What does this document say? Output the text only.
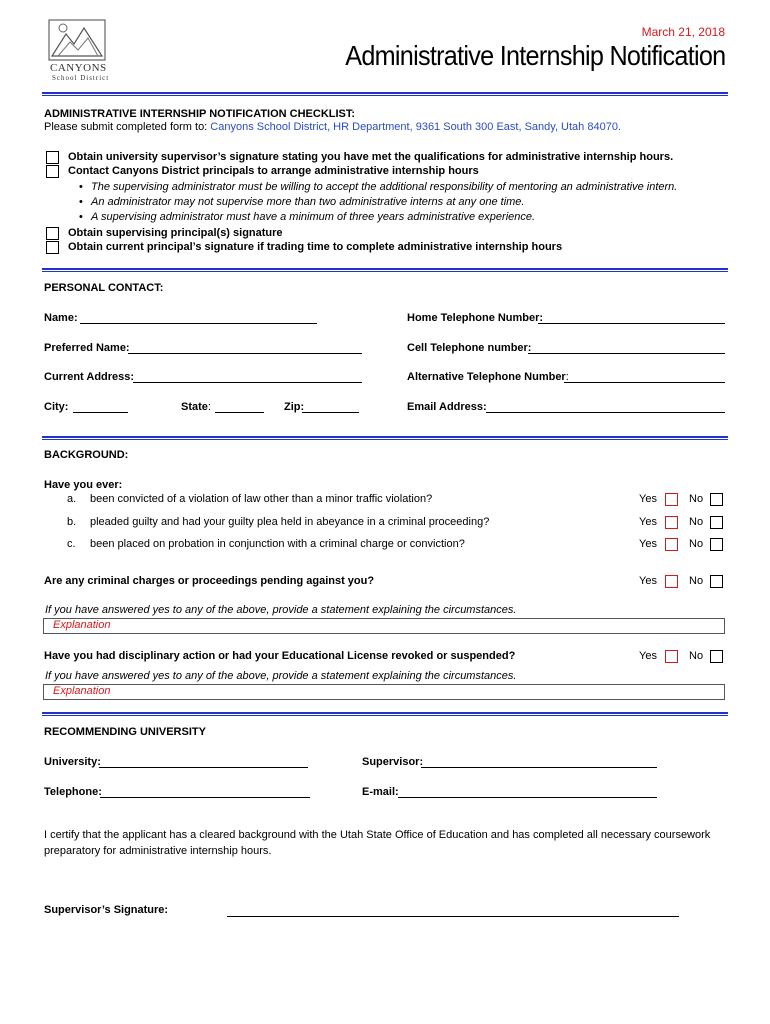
CANYONS
School District
March 21, 2018
Administrative Internship Notification
ADMINISTRATIVE INTERNSHIP NOTIFICATION CHECKLIST:
Please submit completed form to: Canyons School District, HR Department, 9361 South 300 East, Sandy, Utah 84070.
Obtain university supervisor’s signature stating you have met the qualifications for administrative internship hours.
Contact Canyons District principals to arrange administrative internship hours
• The supervising administrator must be willing to accept the additional responsibility of mentoring an administrative intern.
• An administrator may not supervise more than two administrative interns at any one time.
• A supervising administrator must have a minimum of three years administrative experience.
Obtain supervising principal(s) signature
Obtain current principal’s signature if trading time to complete administrative internship hours
PERSONAL CONTACT:
Name:	Home Telephone Number:
Preferred Name:	Cell Telephone number:
Current Address:	Alternative Telephone Number:
City:	State:	Zip:	Email Address:
BACKGROUND:
Have you ever:
a. been convicted of a violation of law other than a minor traffic violation?	Yes	No
b. pleaded guilty and had your guilty plea held in abeyance in a criminal proceeding?	Yes	No
c. been placed on probation in conjunction with a criminal charge or conviction?	Yes	No
Are any criminal charges or proceedings pending against you?	Yes	No
If you have answered yes to any of the above, provide a statement explaining the circumstances.
Explanation
Have you had disciplinary action or had your Educational License revoked or suspended?	Yes	No
If you have answered yes to any of the above, provide a statement explaining the circumstances.
Explanation
RECOMMENDING UNIVERSITY
University:	Supervisor:
Telephone:	E-mail:
I certify that the applicant has a cleared background with the Utah State Office of Education and has completed all necessary coursework
preparatory for administrative internship hours.
Supervisor’s Signature:
